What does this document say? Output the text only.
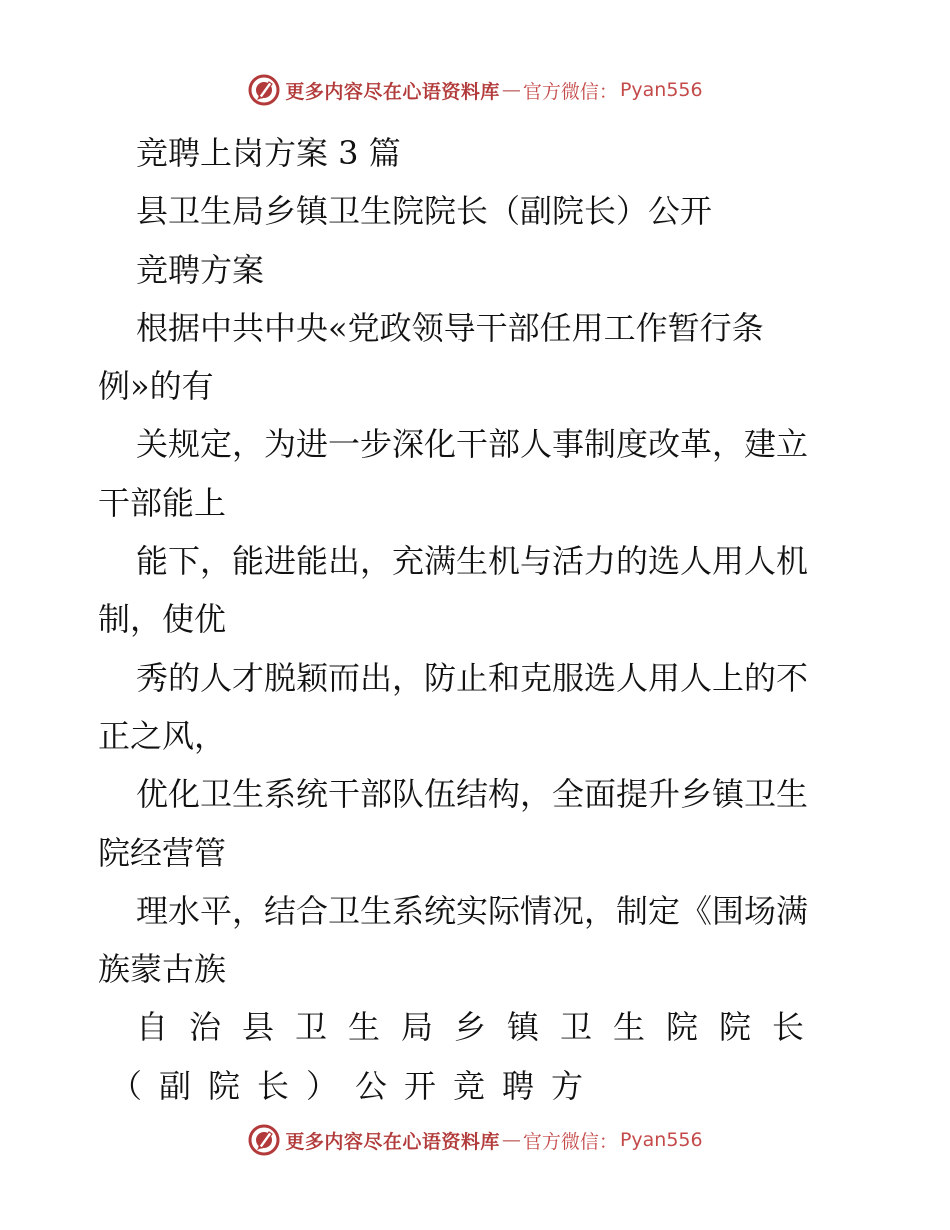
更多内容尽在心语资料库 — 官方微信： Pyan556
竞聘上岗方案 3 篇
县卫生局乡镇卫生院院长（副院长）公开
竞聘方案
根据中共中央«党政领导干部任用工作暂行条
例»的有
关规定，为进一步深化干部人事制度改革，建立
干部能上
能下，能进能出，充满生机与活力的选人用人机
制，使优
秀的人才脱颖而出，防止和克服选人用人上的不
正之风，
优化卫生系统干部队伍结构，全面提升乡镇卫生
院经营管
理水平，结合卫生系统实际情况，制定《围场满
族蒙古族
自治县卫生局乡镇卫生院院长
（副院长）公开竞聘方
更多内容尽在心语资料库 — 官方微信： Pyan556
